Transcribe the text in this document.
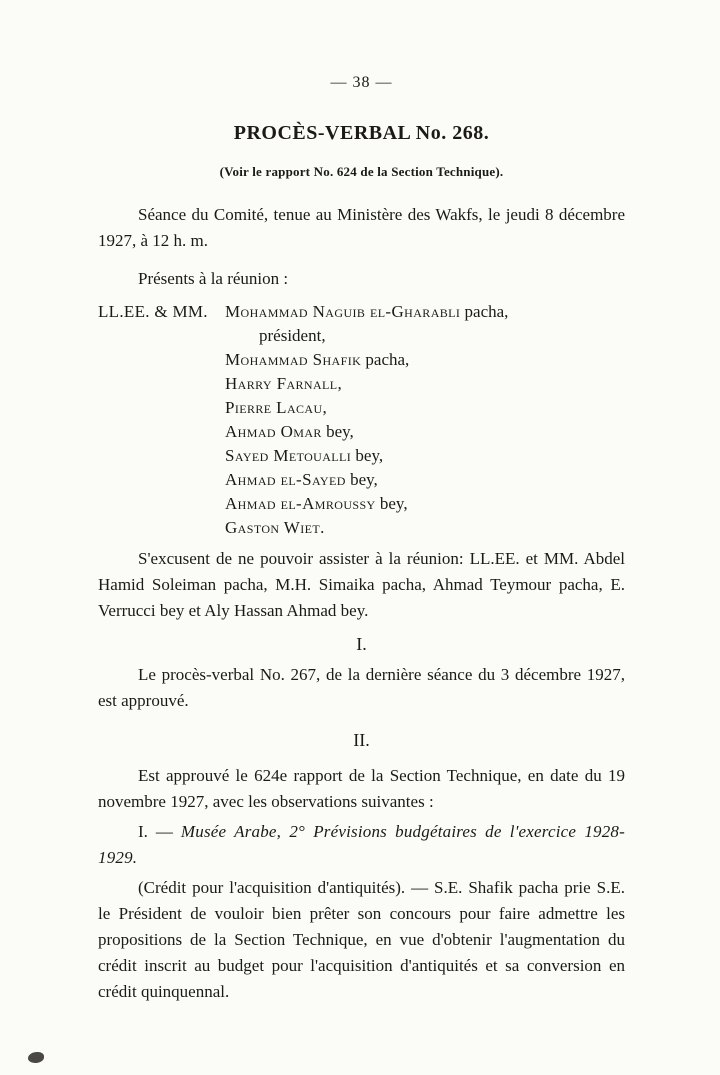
— 38 —
PROCÈS-VERBAL No. 268.
(Voir le rapport No. 624 de la Section Technique).

Séance du Comité, tenue au Ministère des Wakfs, le jeudi 8 décembre 1927, à 12 h. m.

Présents à la réunion :

LL.EE. & MM. Mohammad Naguib el-Gharabli pacha,
président,
Mohammad Shafik pacha,
Harry Farnall,
Pierre Lacau,
Ahmad Omar bey,
Sayed Metoualli bey,
Ahmad el-Sayed bey,
Ahmad el-Amroussy bey,
Gaston Wiet.

S'excusent de ne pouvoir assister à la réunion: LL.EE. et MM. Abdel Hamid Soleiman pacha, M.H. Simaika pacha, Ahmad Teymour pacha, E. Verrucci bey et Aly Hassan Ahmad bey.

I.

Le procès-verbal No. 267, de la dernière séance du 3 décembre 1927, est approuvé.

II.

Est approuvé le 624e rapport de la Section Technique, en date du 19 novembre 1927, avec les observations suivantes :

I. — Musée Arabe, 2° Prévisions budgétaires de l'exercice 1928-1929.

(Crédit pour l'acquisition d'antiquités). — S.E. Shafik pacha prie S.E. le Président de vouloir bien prêter son concours pour faire admettre les propositions de la Section Technique, en vue d'obtenir l'augmentation du crédit inscrit au budget pour l'acquisition d'antiquités et sa conversion en crédit quinquennal.
